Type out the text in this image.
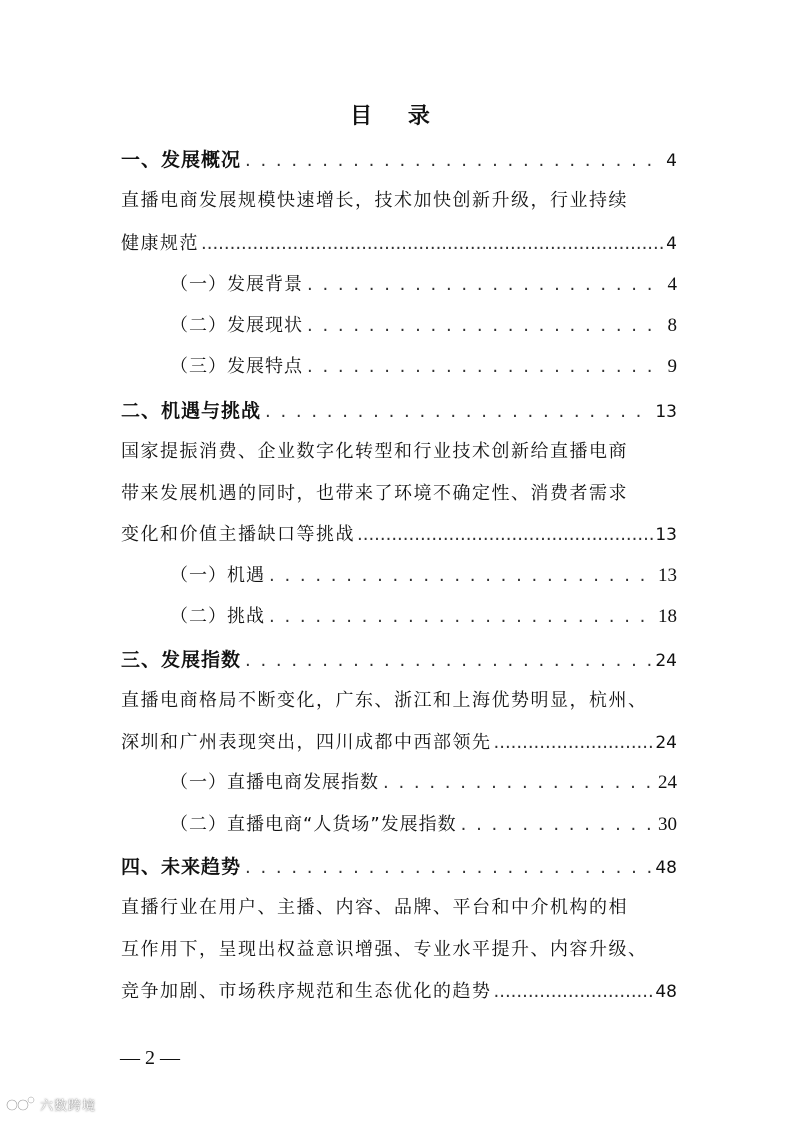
目 录
一、发展概况 . . .	4
直播电商发展规模快速增长，技术加快创新升级，行业持续
健康规范 .....	4
（一）发展背景 . . .	4
（二）发展现状 . . .	8
（三）发展特点 . . .	9
二、机遇与挑战 . . .	13
国家提振消费、企业数字化转型和行业技术创新给直播电商
带来发展机遇的同时，也带来了环境不确定性、消费者需求
变化和价值主播缺口等挑战 .....	13
（一）机遇 . . .	13
（二）挑战 . . .	18
三、发展指数 . . .	24
直播电商格局不断变化，广东、浙江和上海优势明显，杭州、
深圳和广州表现突出，四川成都中西部领先 .....	24
（一）直播电商发展指数 . . .	24
（二）直播电商“人货场”发展指数 . . .	30
四、未来趋势 . . .	48
直播行业在用户、主播、内容、品牌、平台和中介机构的相
互作用下，呈现出权益意识增强、专业水平提升、内容升级、
竞争加剧、市场秩序规范和生态优化的趋势 .....	48
— 2 —
六数跨境
